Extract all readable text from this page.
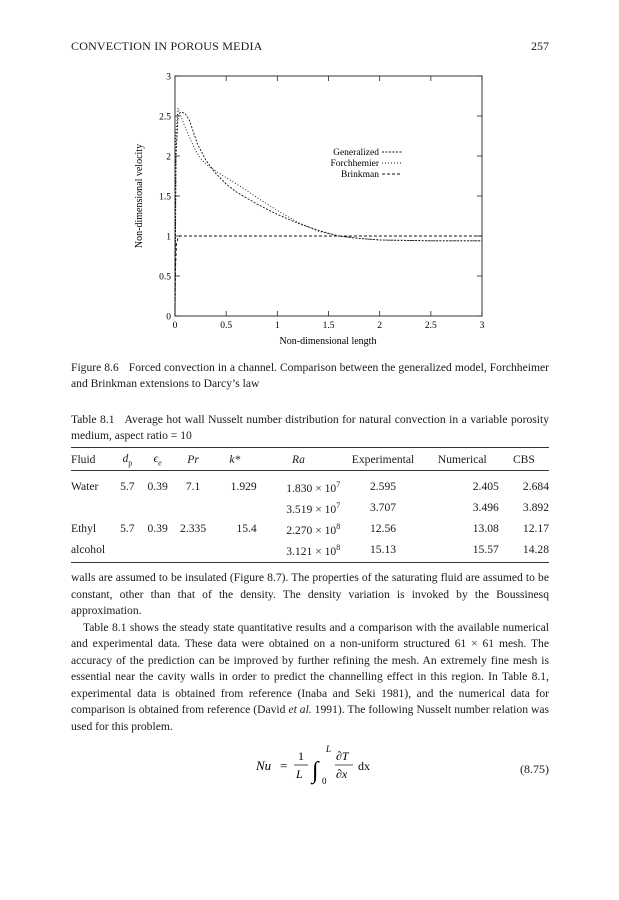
CONVECTION IN POROUS MEDIA	257
0	0.5	1	1.5	2	2.5	3
0
0.5
1
1.5
2
2.5
3
Generalized
Forchhemier
Brinkman
Non-dimensional length
Non-dimensional velocity
Figure 8.6 Forced convection in a channel. Comparison between the generalized model, Forchheimer and Brinkman extensions to Darcy’s law
Table 8.1 Average hot wall Nusselt number distribution for natural convection in a variable porosity medium, aspect ratio = 10
Fluid	$d_p$	$\epsilon_e$	Pr	k*	Ra	Experimental	Numerical	CBS
Water	5.7	0.39	7.1	1.929	$1.830 \times 10^7$	2.595	2.405	2.684
					$3.519 \times 10^7$	3.707	3.496	3.892
Ethyl	5.7	0.39	2.335	15.4	$2.270 \times 10^8$	12.56	13.08	12.17
alcohol					$3.121 \times 10^8$	15.13	15.57	14.28

walls are assumed to be insulated (Figure 8.7). The properties of the saturating fluid are assumed to be constant, other than that of the density. The density variation is invoked by the Boussinesq approximation.

Table 8.1 shows the steady state quantitative results and a comparison with the available numerical and experimental data. These data were obtained on a non-uniform structured 61 × 61 mesh. The accuracy of the prediction can be improved by further refining the mesh. An extremely fine mesh is essential near the cavity walls in order to predict the channelling effect in this region. In Table 8.1, experimental data is obtained from reference (Inaba and Seki 1981), and the numerical data for comparison is obtained from reference (David et al. 1991). The following Nusselt number relation was used for this problem.

Nu =
1
L ∫
L
0
∂T
∂x
dx	(8.75)
